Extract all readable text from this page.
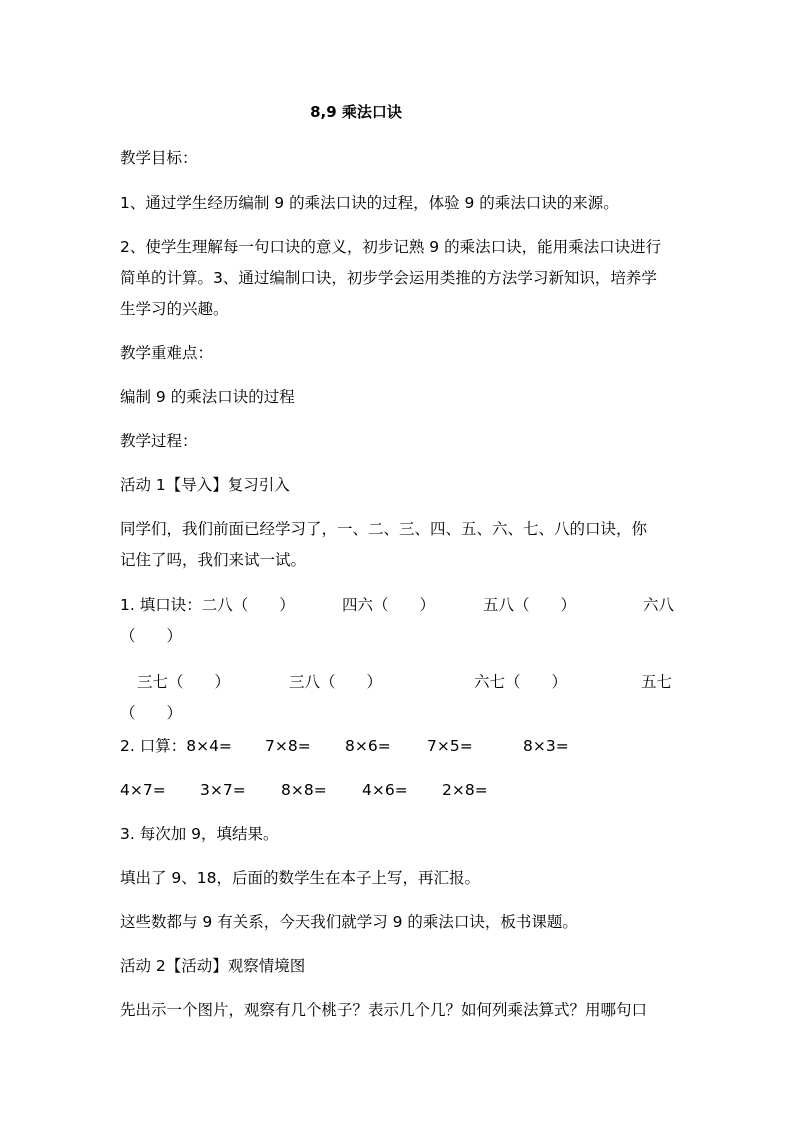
8,9 乘法口诀
教学目标：
1、通过学生经历编制 9 的乘法口诀的过程，体验 9 的乘法口诀的来源。
2、使学生理解每一句口诀的意义，初步记熟 9 的乘法口诀，能用乘法口诀进行
简单的计算。3、通过编制口诀，初步学会运用类推的方法学习新知识，培养学
生学习的兴趣。
教学重难点：
编制 9 的乘法口诀的过程
教学过程：
活动 1【导入】复习引入
同学们，我们前面已经学习了，一、二、三、四、五、六、七、八的口诀，你
记住了吗，我们来试一试。
1. 填口诀：二八（　　）	四六（　　）	五八（　　）	六八
（　　）
三七（　　）	三八（　　）	六七（　　）	五七
（　　）
2. 口算：8×4= 7×8= 8×6= 7×5=	8×3=
4×7= 3×7= 8×8= 4×6= 2×8=
3. 每次加 9，填结果。
填出了 9、18，后面的数学生在本子上写，再汇报。
这些数都与 9 有关系，今天我们就学习 9 的乘法口诀，板书课题。
活动 2【活动】观察情境图
先出示一个图片，观察有几个桃子？表示几个几？如何列乘法算式？用哪句口
